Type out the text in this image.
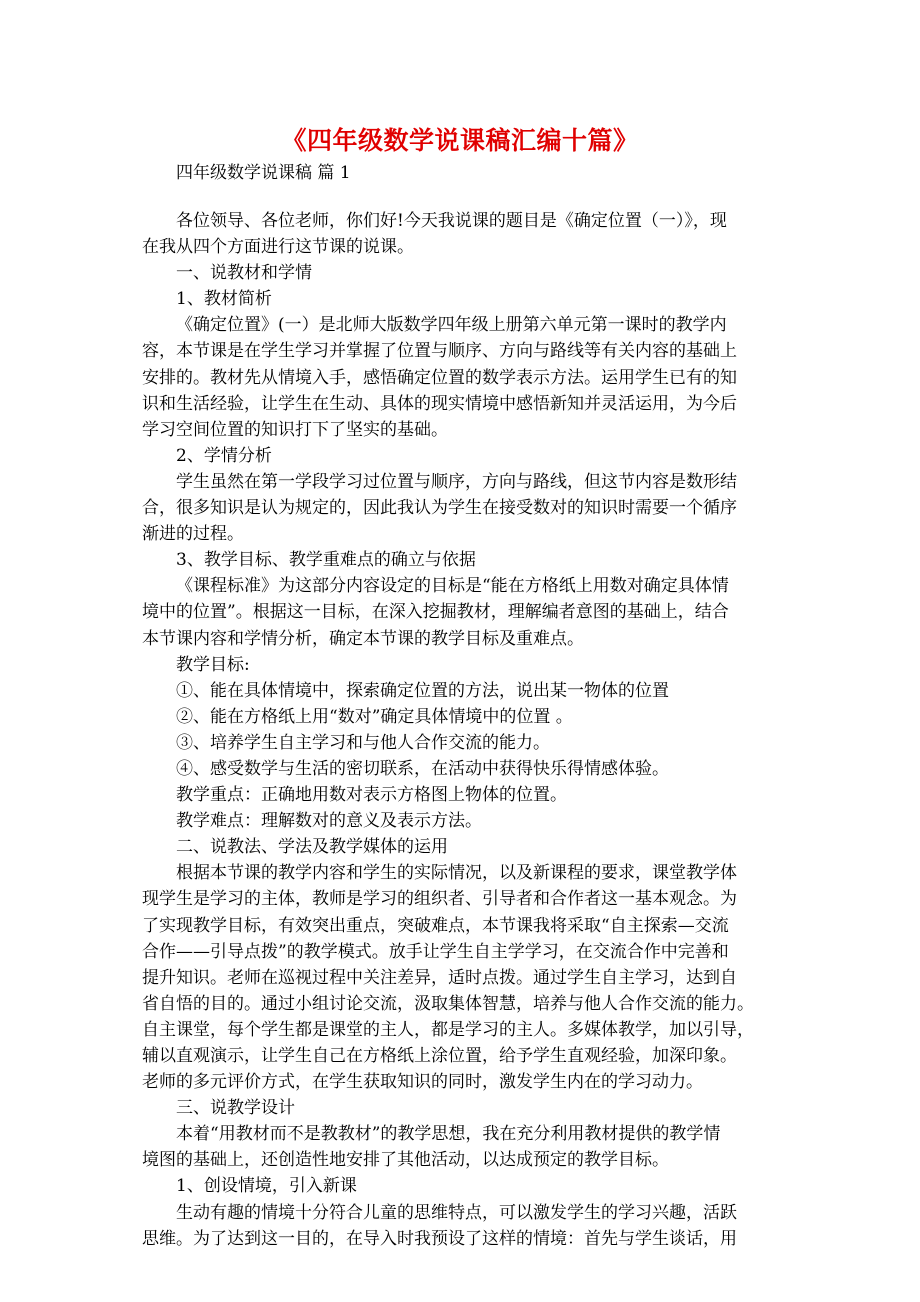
《四年级数学说课稿汇编十篇》
四年级数学说课稿 篇 1

各位领导、各位老师，你们好!今天我说课的题目是《确定位置（一）》，现

在我从四个方面进行这节课的说课。

一、说教材和学情

1、教材简析

《确定位置》(一）是北师大版数学四年级上册第六单元第一课时的教学内

容，本节课是在学生学习并掌握了位置与顺序、方向与路线等有关内容的基础上

安排的。教材先从情境入手，感悟确定位置的数学表示方法。运用学生已有的知

识和生活经验，让学生在生动、具体的现实情境中感悟新知并灵活运用，为今后

学习空间位置的知识打下了坚实的基础。

2、学情分析

学生虽然在第一学段学习过位置与顺序，方向与路线，但这节内容是数形结

合，很多知识是认为规定的，因此我认为学生在接受数对的知识时需要一个循序

渐进的过程。

3、教学目标、教学重难点的确立与依据

《课程标准》为这部分内容设定的目标是“能在方格纸上用数对确定具体情

境中的位置”。根据这一目标，在深入挖掘教材，理解编者意图的基础上，结合

本节课内容和学情分析，确定本节课的教学目标及重难点。

教学目标:

①、能在具体情境中，探索确定位置的方法，说出某一物体的位置

②、能在方格纸上用“数对”确定具体情境中的位置 。

③、培养学生自主学习和与他人合作交流的能力。

④、感受数学与生活的密切联系，在活动中获得快乐得情感体验。

教学重点：正确地用数对表示方格图上物体的位置。

教学难点：理解数对的意义及表示方法。

二、说教法、学法及教学媒体的运用

根据本节课的教学内容和学生的实际情况，以及新课程的要求，课堂教学体

现学生是学习的主体，教师是学习的组织者、引导者和合作者这一基本观念。为

了实现教学目标，有效突出重点，突破难点，本节课我将采取“自主探索—交流

合作——引导点拨”的教学模式。放手让学生自主学学习，在交流合作中完善和

提升知识。老师在巡视过程中关注差异，适时点拨。通过学生自主学习，达到自

省自悟的目的。通过小组讨论交流，汲取集体智慧，培养与他人合作交流的能力。

自主课堂，每个学生都是课堂的主人，都是学习的主人。多媒体教学，加以引导，

辅以直观演示，让学生自己在方格纸上涂位置，给予学生直观经验，加深印象。

老师的多元评价方式，在学生获取知识的同时，激发学生内在的学习动力。

三、说教学设计

本着“用教材而不是教教材”的教学思想，我在充分利用教材提供的教学情

境图的基础上，还创造性地安排了其他活动，以达成预定的教学目标。

1、创设情境，引入新课

生动有趣的情境十分符合儿童的思维特点，可以激发学生的学习兴趣，活跃

思维。为了达到这一目的，在导入时我预设了这样的情境：首先与学生谈话，用
